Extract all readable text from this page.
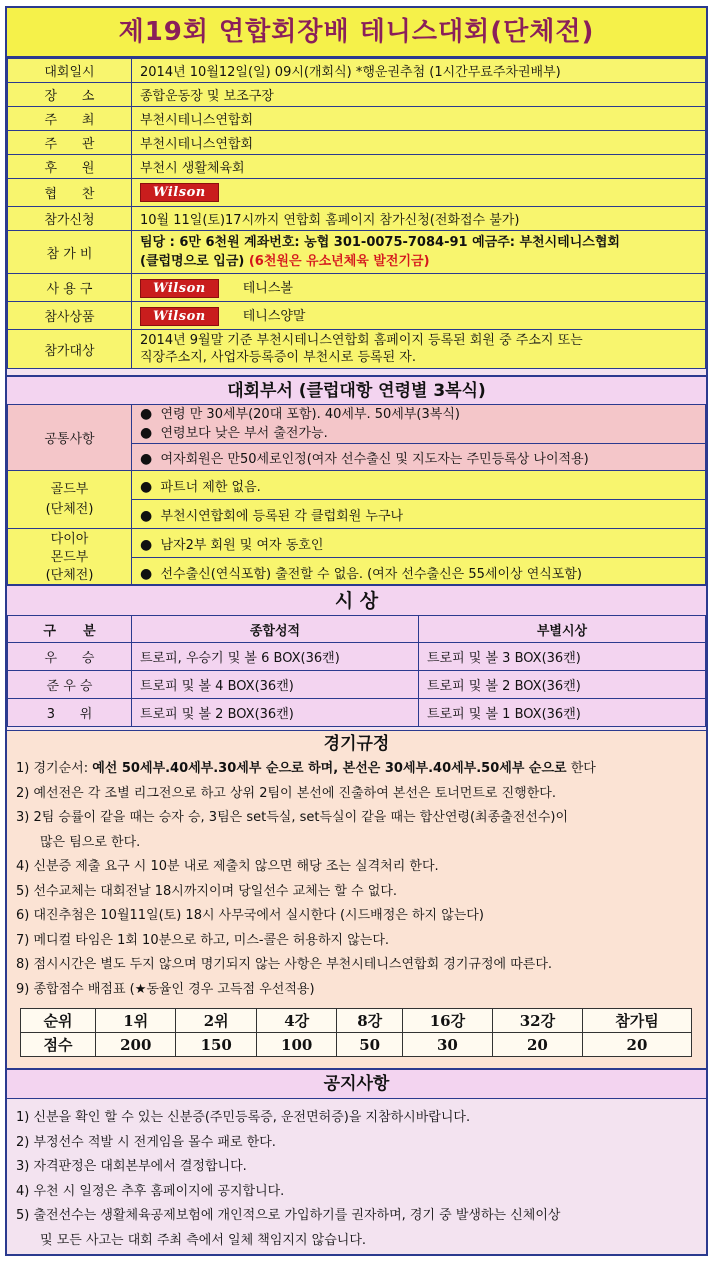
제19회 연합회장배 테니스대회(단체전)
대회일시	2014년 10월12일(일) 09시(개회식) *행운권추첨 (1시간무료주차권배부)
장      소	종합운동장 및 보조구장
주      최	부천시테니스연합회
주      관	부천시테니스연합회
후      원	부천시 생활체육회
협      찬	Wilson
참가신청	10월 11일(토)17시까지 연합회 홈페이지 참가신청(전화접수 불가)
참 가 비	팀당 : 6만 6천원 계좌번호: 농협 301-0075-7084-91 예금주: 부천시테니스협회
(클럽명으로 입금) (6천원은 유소년체육 발전기금)

사 용 구	Wilson 테니스볼
참사상품	Wilson 테니스양말
참가대상	2014년 9월말 기준 부천시테니스연합회 홈페이지 등록된 회원 중 주소지 또는
직장주소지, 사업자등록증이 부천시로 등록된 자.
대회부서 (클럽대항 연령별 3복식)
공통사항	● 연령 만 30세부(20대 포함). 40세부. 50세부(3복식)
● 연령보다 낮은 부서 출전가능.

	● 여자회원은 만50세로인정(여자 선수출신 및 지도자는 주민등록상 나이적용)

골드부
(단체전)	● 파트너 제한 없음.
	● 부천시연합회에 등록된 각 클럽회원 누구나

다이아
몬드부
(단체전)	● 남자2부 회원 및 여자 동호인
	● 선수출신(연식포함) 출전할 수 없음. (여자 선수출신은 55세이상 연식포함)
시 상
구      분	종합성적	부별시상
우      승	트로피, 우승기 및 볼 6 BOX(36캔)	트로피 및 볼 3 BOX(36캔)
준 우 승	트로피 및 볼 4 BOX(36캔)	트로피 및 볼 2 BOX(36캔)
3      위	트로피 및 볼 2 BOX(36캔)	트로피 및 볼 1 BOX(36캔)
경기규정

1) 경기순서: 예선 50세부.40세부.30세부 순으로 하며, 본선은 30세부.40세부.50세부 순으로 한다

2) 예선전은 각 조별 리그전으로 하고 상위 2팀이 본선에 진출하여 본선은 토너먼트로 진행한다.

3) 2팀 승률이 같을 때는 승자 승, 3팀은 set득실, set득실이 같을 때는 합산연령(최종출전선수)이

많은 팀으로 한다.

4) 신분증 제출 요구 시 10분 내로 제출치 않으면 해당 조는 실격처리 한다.

5) 선수교체는 대회전날 18시까지이며 당일선수 교체는 할 수 없다.

6) 대진추첨은 10월11일(토) 18시 사무국에서 실시한다 (시드배정은 하지 않는다)

7) 메디컬 타임은 1회 10분으로 하고, 미스-콜은 허용하지 않는다.

8) 점시시간은 별도 두지 않으며 명기되지 않는 사항은 부천시테니스연합회 경기규정에 따른다.

9) 종합점수 배점표 (★동율인 경우 고득점 우선적용)

순위	1위	2위	4강	8강	16강	32강	참가팀
점수	200	150	100	50	30	20	20
공지사항

1) 신분을 확인 할 수 있는 신분증(주민등록증, 운전면허증)을 지참하시바랍니다.

2) 부정선수 적발 시 전게임을 몰수 패로 한다.

3) 자격판정은 대회본부에서 결정합니다.

4) 우천 시 일정은 추후 홈페이지에 공지합니다.

5) 출전선수는 생활체육공제보험에 개인적으로 가입하기를 권자하며, 경기 중 발생하는 신체이상

및 모든 사고는 대회 주최 측에서 일체 책임지지 않습니다.
